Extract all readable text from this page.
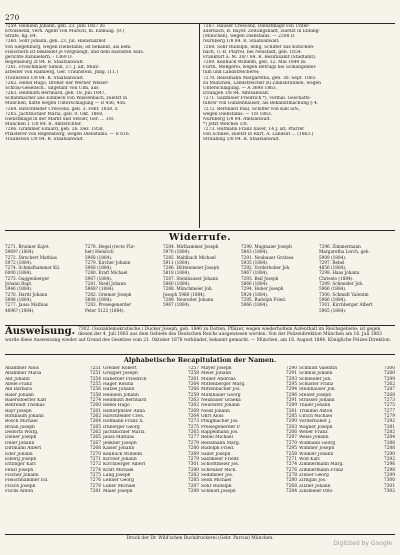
270
7259. Heinlein Johann, geb. 23. Juni 1857 zu
Ertolsheim, verh. Agent von Mürsch, m. Exmuag. (9.)
Strafe, fig. 84.
7260. Sohr Johann, geb. 23. Jul. Hainstalzhof
von Siegenburg, wegen Diebstahls; ist bekannt, als bem.
Fleischern ist bekleidet je vorgezeigt, und dem nächsten Aufs.
gerichte zuzuliefern. - 1369 D.
Regensburg 2f 84. R. Staatsanwalt.
7261. Froschmaier Simon, 27. J. alt, Mütz-
arbeiter von Ramberg, Ger. Traunstein, Jnng. (11.)
Traunstein 1/8 84. R. Staatsanwalt.
7262. Hebel Hugo, Dreher der Werner Welzer-
Schrau-Gesellsch., ungefähr von Ulm, aus
7263. Hellmuth Bernhard, geb. 18. Juli 1847,
Schuhmacher aus Eimbeck von Wassenbach, zuletzt in
München, hatte wegen Unterschlagung — D 456, 456.
7264. Hirschfelder Crescenz, geb. 3. Febr. 1858, z.
7265. Jachtbichler Maria, geb. 9. Okt. 1868,
Dienstmagd in der Markt und Steuer, Ger. ... 1/8.
München 1 1/8 84. R. Amtsrichter.
7266. Grammer Eduard, geb. 26. Dez. 1858,
Pflasterer von Regensburg, wegen Diebstahls. — II 616.
Traunstein 1/8 84. R. Staatsanwalt.
7267. Hauser Crescenz, Dienstmagd von Unter-
auerbach, B. Bayer. Zeitungsblatt, zuletzt in Ebbing-
(München), wegen Diebstahls. — 2308 D.
Nürnberg 1/8 84. R. Staatsanwalt.
7268. Sohr Rudolph, ledig, Schiffer aus Kutschen-
bach, U.-B. Pfarrei, bei Neustadt, geb. 1854.
Frankfurt a. M. 30/7 84. R. Bezirksamt (Stadtamt).
7269. Keilhuck Wilhelm, geb. 12. Mai 1844 zu
Fürth, Meßgerei, wegen Betrugs bei Schlangenfel-
tum und Landstreicherei;
7270. Reissmann Margaretha, geb. 30. Sept. 1865
zu München, Landstreicher zu Zinnsbrunnen, wegen
Unterschlagung. — A 3698 1863.
Erlangen 1/8 84. Amtsanwalt.
7271. Salzmeier Friedrich *), vormal. Geschäfts-
führer von Gunzenhäuser, als Bekanntmachung § 4.
7272. Bernhard Paul, Schiffer von Kiel a/N.,
wegen Diebstahls. — 1/8 1863.
Nürnberg 1/8 84. Amtsanwalt.
*) Jetzt Welches 1/8.
7273. Hofmann Franz Xaver, 14 J. alt, Pfarrer
von Schnee, zuletzt in Rürt, A. Landsut ... (1863.)
Straubing 1/8 84. R. Staatsanwalt.
Widerrufe.
7271. Brunner Kajet.
5969? (1884).
7272. Dirschert Mathias
5972 (1884).
7274. Schmidhammer Kil.
6000 (1884).
7275. Guggenberger
Johann Bapt.
5946 (1884).
7276. Harttl Johann
5898 (1884).
7277. Jauss Mathias
4896? (1884).
7278. Hegel (recte Für-
her) Heinrich
5968 (1884).
7279. Kircher Johann
5968 (1884).
7280. Kraft Michael
5967 (1884).
7281. Niedl Johann
5968? (1884).
7282. Greimer Joseph
5808 (1884).
7283. Preisegenerder
Peter 5122 (1884).
7284. Mirlhammer Joseph
5970 (1884).
7285. Mahlbach Michael
5911 (1884).
7286. Hüttenmeier Joseph
5818 (1884).
7287. Steinhauser Johann
5860 (1884).
7288. Münchmeier Joh.
Joseph 5968 (1884).
7289. Neureiter Johann
5967 (1884).
7290. Mugmaier Joseph
5843 (1884).
7291. Neubauer Gratsea
5935 (1884).
7292. Vorderhober Joh.
5967 (1884).
7293. Reif Joseph
5866 (1884).
7294. Huber Joseph
5924 (1884).
7295. Rudolph Fried.
5966 (1884).
7296. Zimmermann
Margaretha Lerch, geb.
5909 (1884).
7297. Rebel
4856 (1884).
7298. Haas Johann
Chriesto (1884).
7299. Schneider Joh.
5966 (1884).
7300. Schmidt Valentin
5966 (1884).
7301. Kirchberger Albert
5965 (1884).
Ausweisung. 7302. (Sozialdemokratische.) Ducker Joseph, geb. 1840 zu Dotten, Pfälzer, wegen wiederholtem Aufenthalt im Reichsgebiete; ist gegen diesen der 4. Juli 1883 aus dem Gebiete des Deutschen Reichs ausgewiesen worden. Von der Polizeidirektion München am 16. Juli 1883 wurde diese Ausweisung wieder auf Grund des Gesetzes vom 21. Oktober 1878 verkündet, bekannt gemacht. — München, am 16. August 1884. Königliche Polizei-Direktion.
Alphabetische Recapitulation der Namen.
Abammer Alois	7251
Abammer Maria	7251
Abt Johann	7254
Abele Franz	7255
Abl Barbara	7256
Baier Johann	7258
Baiersdoerfer Karl	7274
Behrendt Thomas	7260
Bayr Joseph	7261
Birnbaum Johann	7262
Bosch Michael	7264
Braun Joseph	7265
Dedorfa Wolfg.	7262
Diener Joseph	7265
Diller Johann	7267
Dirlmann Albert	7268
Eder Johann	7270
Eiberg Joseph	7271
Ettlinger Karl	7272
Fenzl Joseph	7274
Fischer Johann	7275
Fleischhammer Ed.	7276
Frisch Joseph	7278
Fuchs Anton	7281
Greiner Robert	7257
Gropper Joseph	7258
Haberner Friedrich	7261
Hager Rosina	7264
Hatzel Johann	7266
Heinlein Johann	7259
Hellmuth Bernhard	7263
Hebel Hugo	7262
Hinterpfister Anna	7269
Hirschfelder Cres.	7264
Hofmann Franz X.	7273
Irnberger Georg	7275
Jachtbichler Maria	7265
Jauss Mathias	7277
Jenkner Joseph	7279
Kaiser Johann	7280
Keilhuck Wilhelm	7269
Kircher Johann	7279
Kirchberger Albert	7301
Kraft Michael	7280
Lang Joseph	7283
Lehner Georg	7285
Luber Michael	7287
Maier Joseph	7289
Mayer Joseph	7290
Meier Johann	7291
Müller Andreas	7293
Mittenberger Marg.	7295
Mittenbacher Jos.	7294
Mühlbauer Georg	7296
Neubauer Graeka	7291
Neureiter Johann	7289
Niedl Johann	7281
Ohrt Alois	7285
Pflugmacher Jos.	7290
Preisegenerder P.	7283
Rappelmann Jos.	7266
Rebel Michael	7297
Reissmann Marg.	7270
Rudolph Fried.	7295
Sailer Joseph	7258
Salzmeier Friedr.	7271
Schlottmeier Jos.	7274
Schreiber Mich.	7276
Sedlmeier Jos.	7278
Seidl Michael	7280
Sohr Rudolph	7268
Schmidt Joseph	7284
Schmidt Valentin	7300
Schmid Johann	7260
Schneider Joh.	7299
Schuster Franz	7262
Steinhauser Joh.	7287
Stelzer Joseph	7268
Strasser Johann	7273
Thaler Johann	7275
Trimmel Anton	7277
Ulrich Michael	7279
Vorderhober J.	7292
Wagner Joseph	7281
Weber Franz	7282
Weiss Johann	7284
Widmann Georg	7286
Wimmer Joseph	7288
Winkler Johann	7290
Wolf Karl	7292
Zimmermann Marg.	7296
Zimmermann Franz	7298
Zinner Georg	7299
Zirngibl Jos.	7300
Zitzler Johann	7301
Zinsmeier Otto	7302
Druck der Dr. Wild'schen Buchdruckerei (Gebr. Parcus) München.
Digitized by Google
